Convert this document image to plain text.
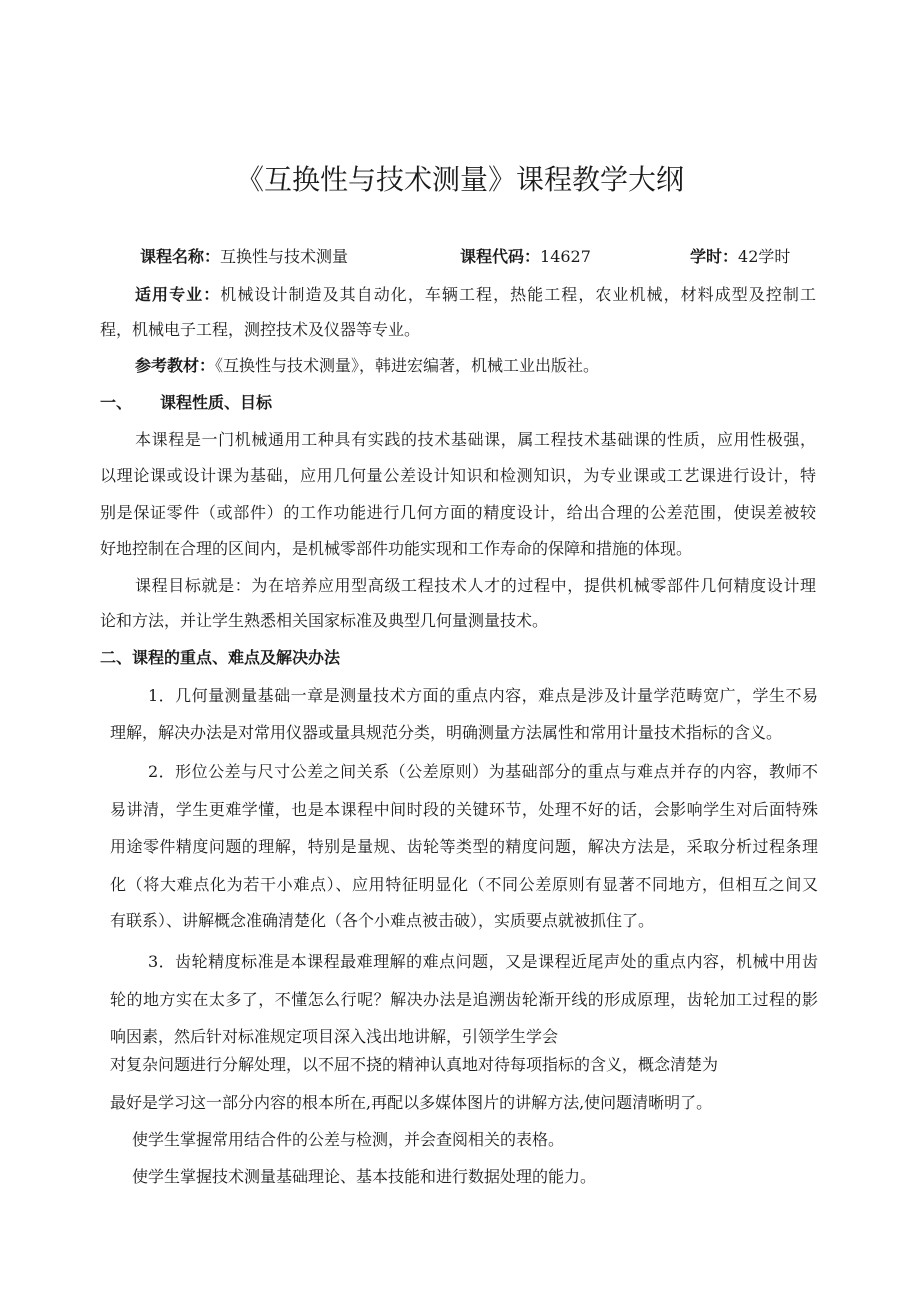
《互换性与技术测量》课程教学大纲
课程名称：互换性与技术测量	课程代码：14627	学时：42学时
适用专业：机械设计制造及其自动化，车辆工程，热能工程，农业机械，材料成型及控制工
程，机械电子工程，测控技术及仪器等专业。
参考教材：《互换性与技术测量》，韩进宏编著，机械工业出版社。
一、 课程性质、目标
本课程是一门机械通用工种具有实践的技术基础课，属工程技术基础课的性质，应用性极强，
以理论课或设计课为基础，应用几何量公差设计知识和检测知识，为专业课或工艺课进行设计，特
别是保证零件（或部件）的工作功能进行几何方面的精度设计，给出合理的公差范围，使误差被较
好地控制在合理的区间内，是机械零部件功能实现和工作寿命的保障和措施的体现。
课程目标就是：为在培养应用型高级工程技术人才的过程中，提供机械零部件几何精度设计理
论和方法，并让学生熟悉相关国家标准及典型几何量测量技术。
二、课程的重点、难点及解决办法
1．几何量测量基础一章是测量技术方面的重点内容，难点是涉及计量学范畴宽广，学生不易
理解，解决办法是对常用仪器或量具规范分类，明确测量方法属性和常用计量技术指标的含义。
2．形位公差与尺寸公差之间关系（公差原则）为基础部分的重点与难点并存的内容，教师不
易讲清，学生更难学懂，也是本课程中间时段的关键环节，处理不好的话，会影响学生对后面特殊
用途零件精度问题的理解，特别是量规、齿轮等类型的精度问题，解决方法是，采取分析过程条理
化（将大难点化为若干小难点）、应用特征明显化（不同公差原则有显著不同地方，但相互之间又
有联系）、讲解概念准确清楚化（各个小难点被击破），实质要点就被抓住了。
3．齿轮精度标准是本课程最难理解的难点问题，又是课程近尾声处的重点内容，机械中用齿
轮的地方实在太多了，不懂怎么行呢？解决办法是追溯齿轮渐开线的形成原理，齿轮加工过程的影
响因素，然后针对标准规定项目深入浅出地讲解，引领学生学会
对复杂问题进行分解处理，以不屈不挠的精神认真地对待每项指标的含义，概念清楚为
最好是学习这一部分内容的根本所在,再配以多媒体图片的讲解方法,使问题清晰明了。
使学生掌握常用结合件的公差与检测，并会查阅相关的表格。
使学生掌握技术测量基础理论、基本技能和进行数据处理的能力。
